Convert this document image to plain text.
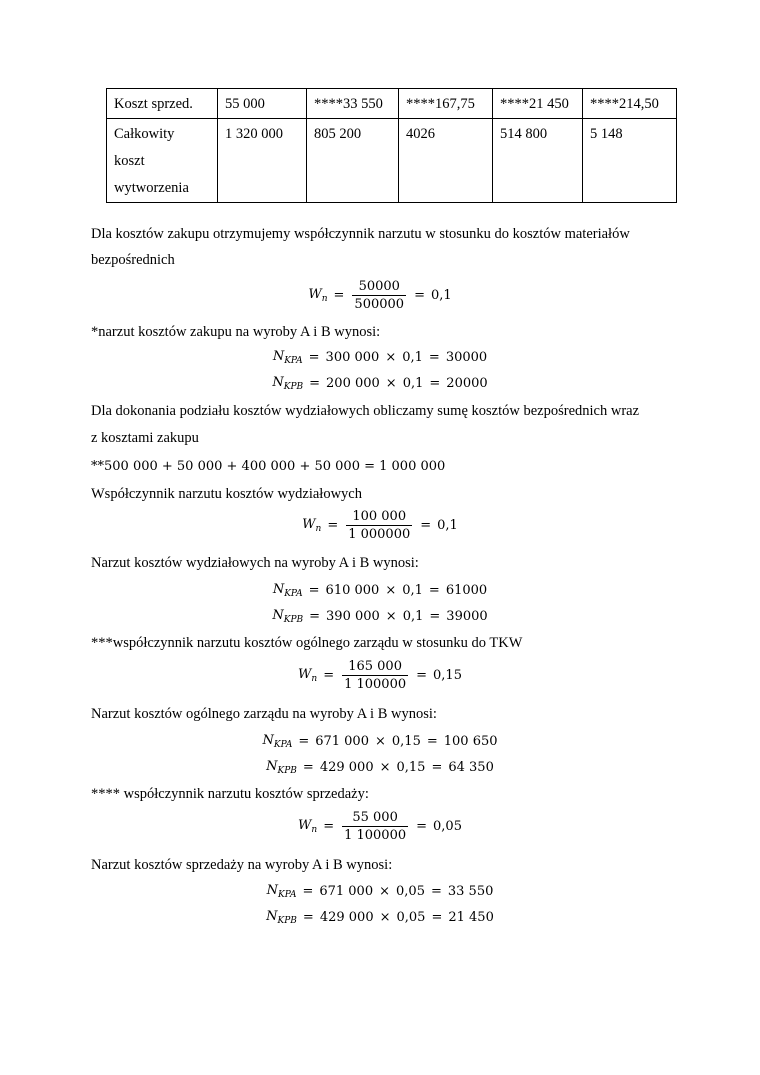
Koszt sprzed.	55 000	****33 550	****167,75	****21 450	****214,50
Całkowity
koszt
wytworzenia	1 320 000	805 200	4026	514 800	5 148
Dla kosztów zakupu otrzymujemy współczynnik narzutu w stosunku do kosztów materiałów
bezpośrednich
$W_n = \frac{50000}{500000} = 0,1$
*narzut kosztów zakupu na wyroby A i B wynosi:
$N_{KPA} = 300$ 000 × 0,1 = 30000
$N_{KPB} = 200$ 000 × 0,1 = 20000
Dla dokonania podziału kosztów wydziałowych obliczamy sumę kosztów bezpośrednich wraz
z kosztami zakupu
**500 000 + 50 000 + 400 000 + 50 000 = 1 000 000
Współczynnik narzutu kosztów wydziałowych
$W_n = \frac{100 000}{1 000000} = 0,1$
Narzut kosztów wydziałowych na wyroby A i B wynosi:
$N_{KPA} = 610$ 000 × 0,1 = 61000
$N_{KPB} = 390$ 000 × 0,1 = 39000
***współczynnik narzutu kosztów ogólnego zarządu w stosunku do TKW
$W_n = \frac{165 000}{1 100000} = 0,15$
Narzut kosztów ogólnego zarządu na wyroby A i B wynosi:
$N_{KPA} = 671$ 000 × 0,15 = 100 650
$N_{KPB} = 429$ 000 × 0,15 = 64 350
**** współczynnik narzutu kosztów sprzedaży:
$W_n = \frac{55 000}{1 100000} = 0,05$
Narzut kosztów sprzedaży na wyroby A i B wynosi:
$N_{KPA} = 671$ 000 × 0,05 = 33 550
$N_{KPB} = 429$ 000 × 0,05 = 21 450
